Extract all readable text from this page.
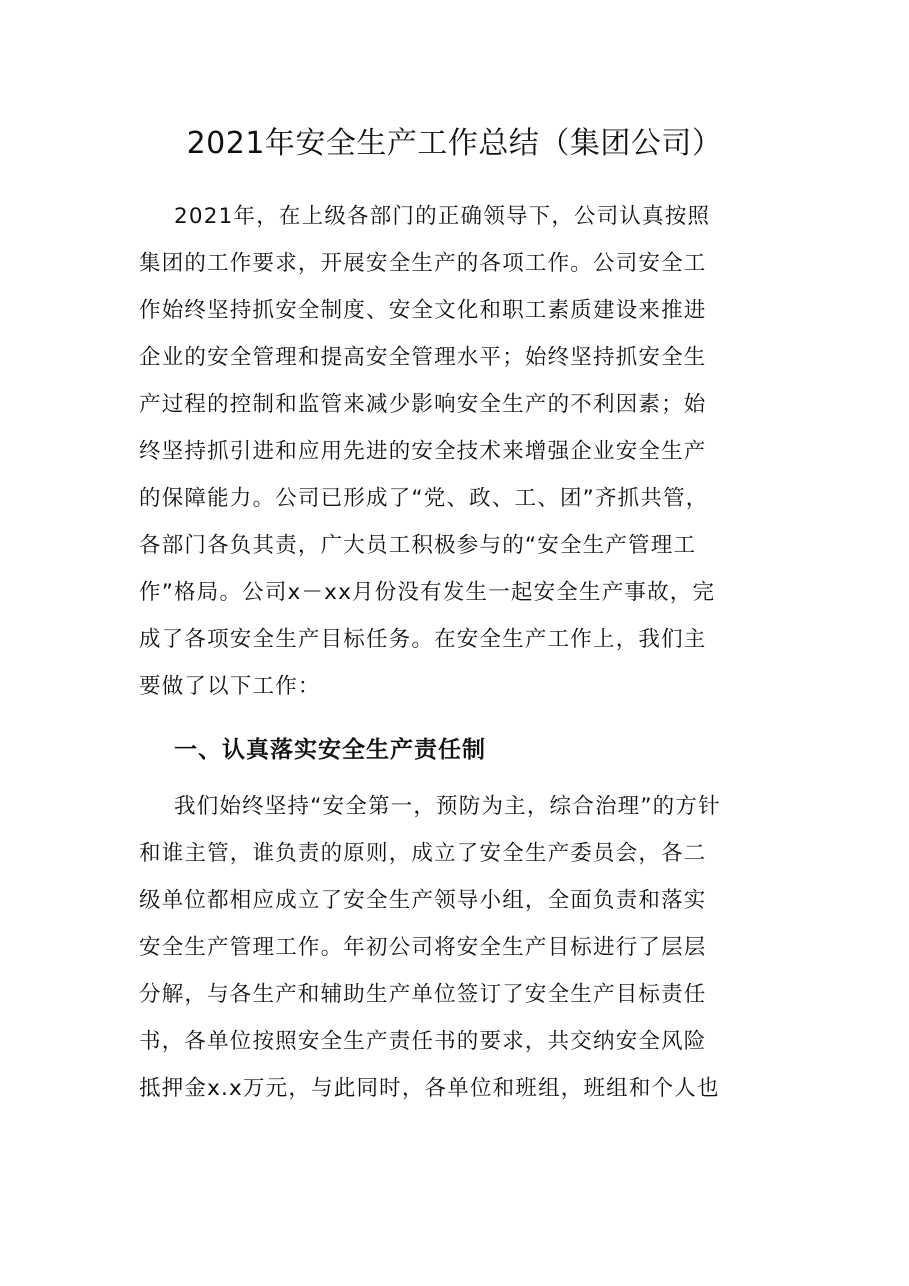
2021年安全生产工作总结（集团公司）
2021年，在上级各部门的正确领导下，公司认真按照
集团的工作要求，开展安全生产的各项工作。公司安全工
作始终坚持抓安全制度、安全文化和职工素质建设来推进
企业的安全管理和提高安全管理水平；始终坚持抓安全生
产过程的控制和监管来减少影响安全生产的不利因素；始
终坚持抓引进和应用先进的安全技术来增强企业安全生产
的保障能力。公司已形成了“党、政、工、团”齐抓共管，
各部门各负其责，广大员工积极参与的“安全生产管理工
作”格局。公司x－xx月份没有发生一起安全生产事故，完
成了各项安全生产目标任务。在安全生产工作上，我们主
要做了以下工作：
一、认真落实安全生产责任制
我们始终坚持“安全第一，预防为主，综合治理”的方针
和谁主管，谁负责的原则，成立了安全生产委员会，各二
级单位都相应成立了安全生产领导小组，全面负责和落实
安全生产管理工作。年初公司将安全生产目标进行了层层
分解，与各生产和辅助生产单位签订了安全生产目标责任
书，各单位按照安全生产责任书的要求，共交纳安全风险
抵押金x.x万元，与此同时，各单位和班组，班组和个人也
